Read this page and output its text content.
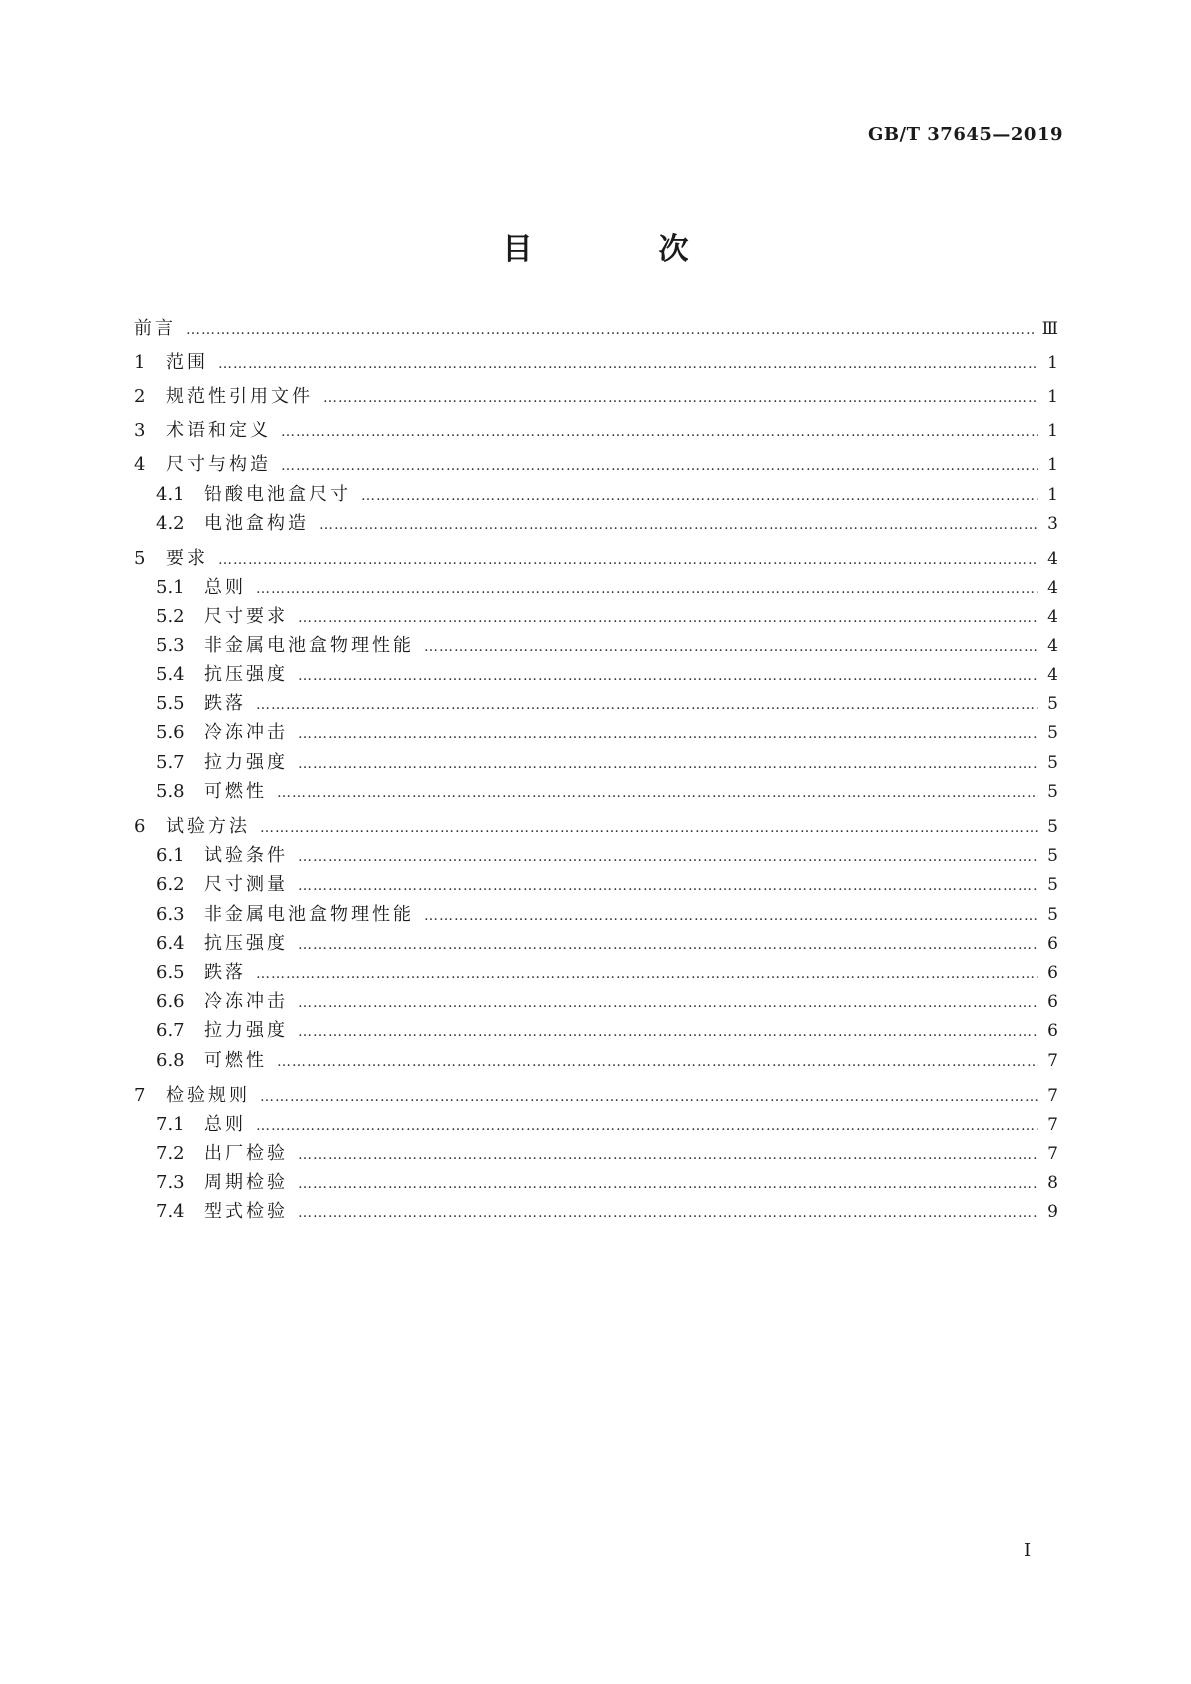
GB/T 37645—2019
目　次
前言 …………………………………………………………………………………………………………………………………………………………………………………………………………………………………………	Ⅲ
1	范围 …………………………………………………………………………………………………………………………………………………………………………………………………………………………………………	1
2	规范性引用文件 …………………………………………………………………………………………………………………………………………………………………………………………………………………………………………	1
3	术语和定义 …………………………………………………………………………………………………………………………………………………………………………………………………………………………………………	1
4	尺寸与构造 …………………………………………………………………………………………………………………………………………………………………………………………………………………………………………	1
4.1	铅酸电池盒尺寸 …………………………………………………………………………………………………………………………………………………………………………………………………………………………………………	1
4.2	电池盒构造 …………………………………………………………………………………………………………………………………………………………………………………………………………………………………………	3
5	要求 …………………………………………………………………………………………………………………………………………………………………………………………………………………………………………	4
5.1	总则 …………………………………………………………………………………………………………………………………………………………………………………………………………………………………………	4
5.2	尺寸要求 …………………………………………………………………………………………………………………………………………………………………………………………………………………………………………	4
5.3	非金属电池盒物理性能 …………………………………………………………………………………………………………………………………………………………………………………………………………………………………………	4
5.4	抗压强度 …………………………………………………………………………………………………………………………………………………………………………………………………………………………………………	4
5.5	跌落 …………………………………………………………………………………………………………………………………………………………………………………………………………………………………………	5
5.6	冷冻冲击 …………………………………………………………………………………………………………………………………………………………………………………………………………………………………………	5
5.7	拉力强度 …………………………………………………………………………………………………………………………………………………………………………………………………………………………………………	5
5.8	可燃性 …………………………………………………………………………………………………………………………………………………………………………………………………………………………………………	5
6	试验方法 …………………………………………………………………………………………………………………………………………………………………………………………………………………………………………	5
6.1	试验条件 …………………………………………………………………………………………………………………………………………………………………………………………………………………………………………	5
6.2	尺寸测量 …………………………………………………………………………………………………………………………………………………………………………………………………………………………………………	5
6.3	非金属电池盒物理性能 …………………………………………………………………………………………………………………………………………………………………………………………………………………………………………	5
6.4	抗压强度 …………………………………………………………………………………………………………………………………………………………………………………………………………………………………………	6
6.5	跌落 …………………………………………………………………………………………………………………………………………………………………………………………………………………………………………	6
6.6	冷冻冲击 …………………………………………………………………………………………………………………………………………………………………………………………………………………………………………	6
6.7	拉力强度 …………………………………………………………………………………………………………………………………………………………………………………………………………………………………………	6
6.8	可燃性 …………………………………………………………………………………………………………………………………………………………………………………………………………………………………………	7
7	检验规则 …………………………………………………………………………………………………………………………………………………………………………………………………………………………………………	7
7.1	总则 …………………………………………………………………………………………………………………………………………………………………………………………………………………………………………	7
7.2	出厂检验 …………………………………………………………………………………………………………………………………………………………………………………………………………………………………………	7
7.3	周期检验 …………………………………………………………………………………………………………………………………………………………………………………………………………………………………………	8
7.4	型式检验 …………………………………………………………………………………………………………………………………………………………………………………………………………………………………………	9
I
